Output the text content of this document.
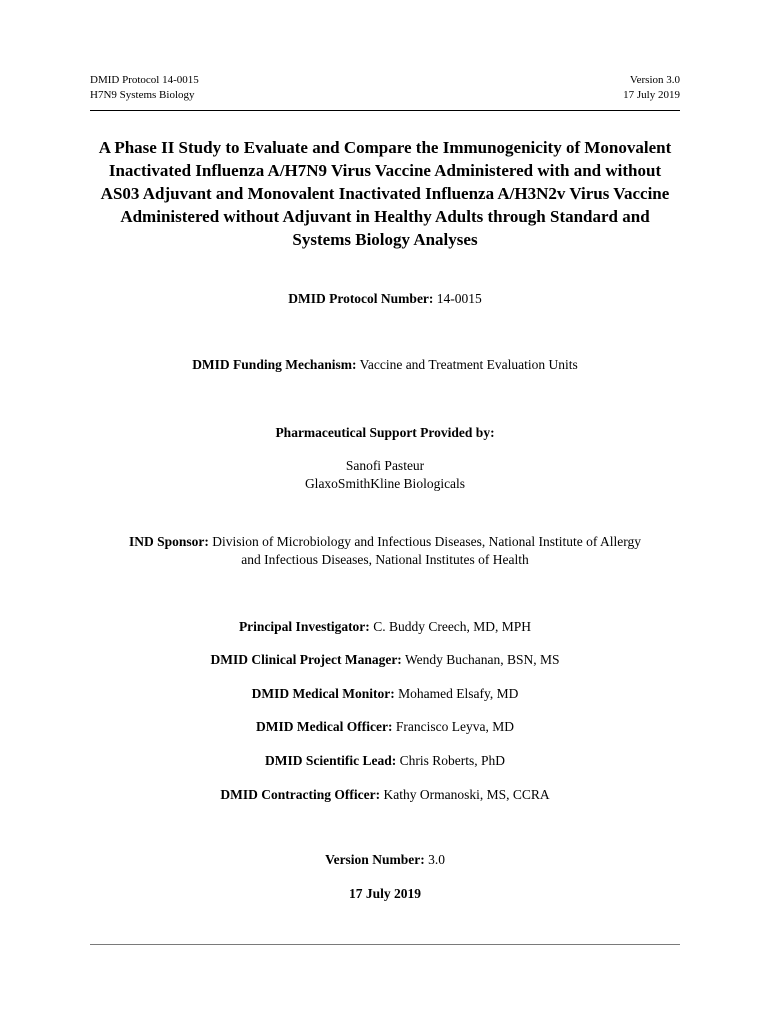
DMID Protocol 14-0015
H7N9 Systems Biology
Version 3.0
17 July 2019
A Phase II Study to Evaluate and Compare the Immunogenicity of Monovalent Inactivated Influenza A/H7N9 Virus Vaccine Administered with and without AS03 Adjuvant and Monovalent Inactivated Influenza A/H3N2v Virus Vaccine Administered without Adjuvant in Healthy Adults through Standard and Systems Biology Analyses
DMID Protocol Number: 14-0015
DMID Funding Mechanism: Vaccine and Treatment Evaluation Units
Pharmaceutical Support Provided by:
Sanofi Pasteur
GlaxoSmithKline Biologicals
IND Sponsor: Division of Microbiology and Infectious Diseases, National Institute of Allergy
and Infectious Diseases, National Institutes of Health
Principal Investigator: C. Buddy Creech, MD, MPH
DMID Clinical Project Manager: Wendy Buchanan, BSN, MS
DMID Medical Monitor: Mohamed Elsafy, MD
DMID Medical Officer: Francisco Leyva, MD
DMID Scientific Lead: Chris Roberts, PhD
DMID Contracting Officer: Kathy Ormanoski, MS, CCRA
Version Number: 3.0
17 July 2019
